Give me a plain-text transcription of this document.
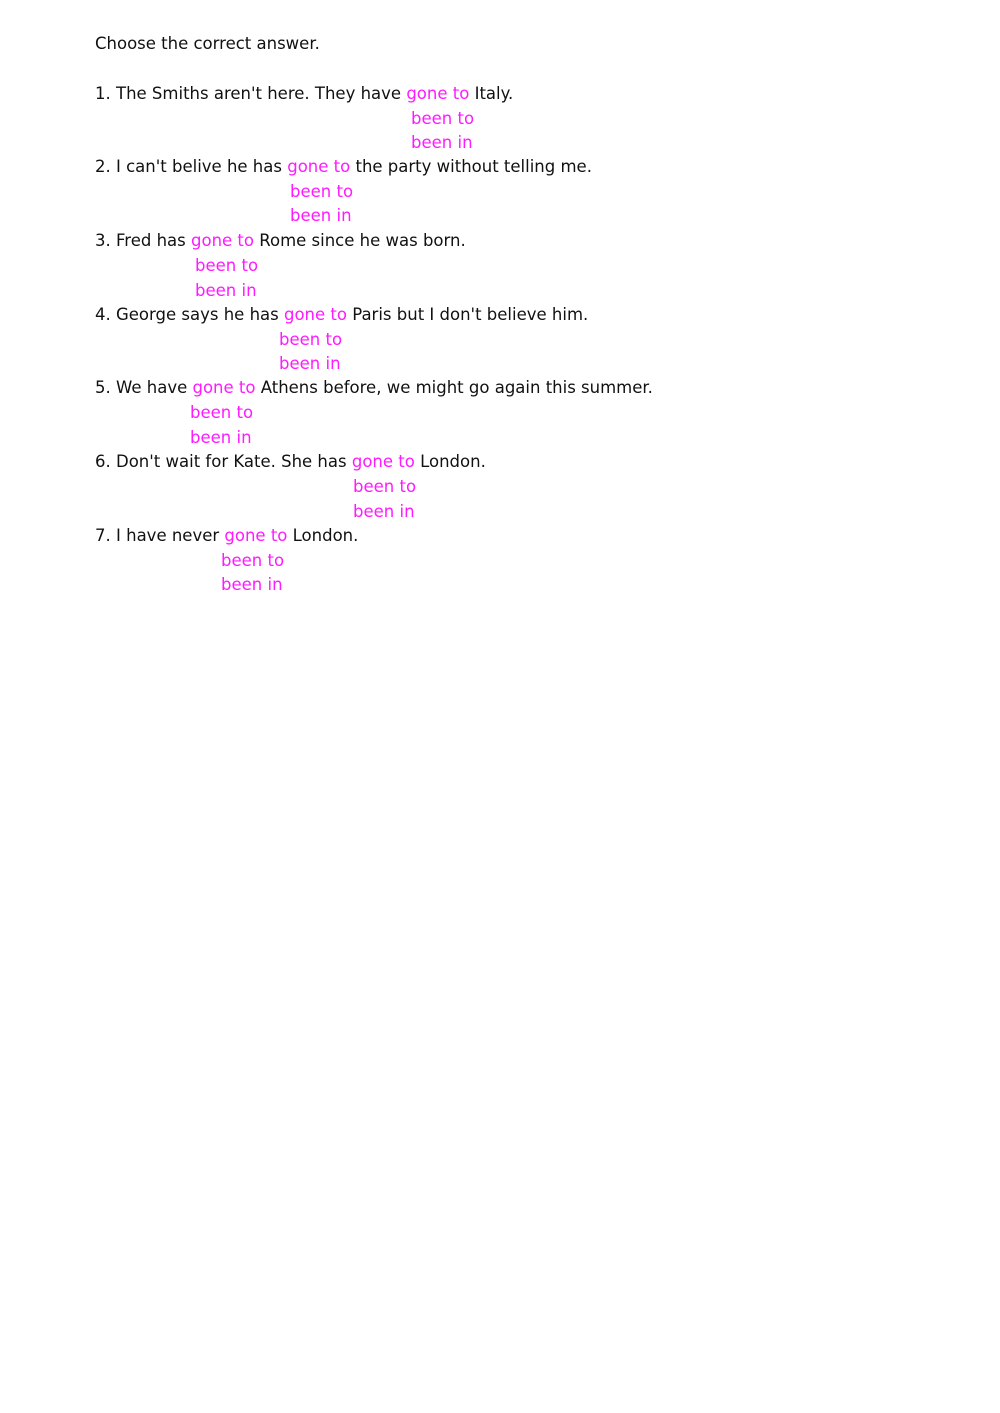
Choose the correct answer.
1. The Smiths aren't here. They have gone to Italy.
been to
been in
2. I can't belive he has gone to the party without telling me.
been to
been in
3. Fred has gone to Rome since he was born.
been to
been in
4. George says he has gone to Paris but I don't believe him.
been to
been in
5. We have gone to Athens before, we might go again this summer.
been to
been in
6. Don't wait for Kate. She has gone to London.
been to
been in
7. I have never gone to London.
been to
been in
